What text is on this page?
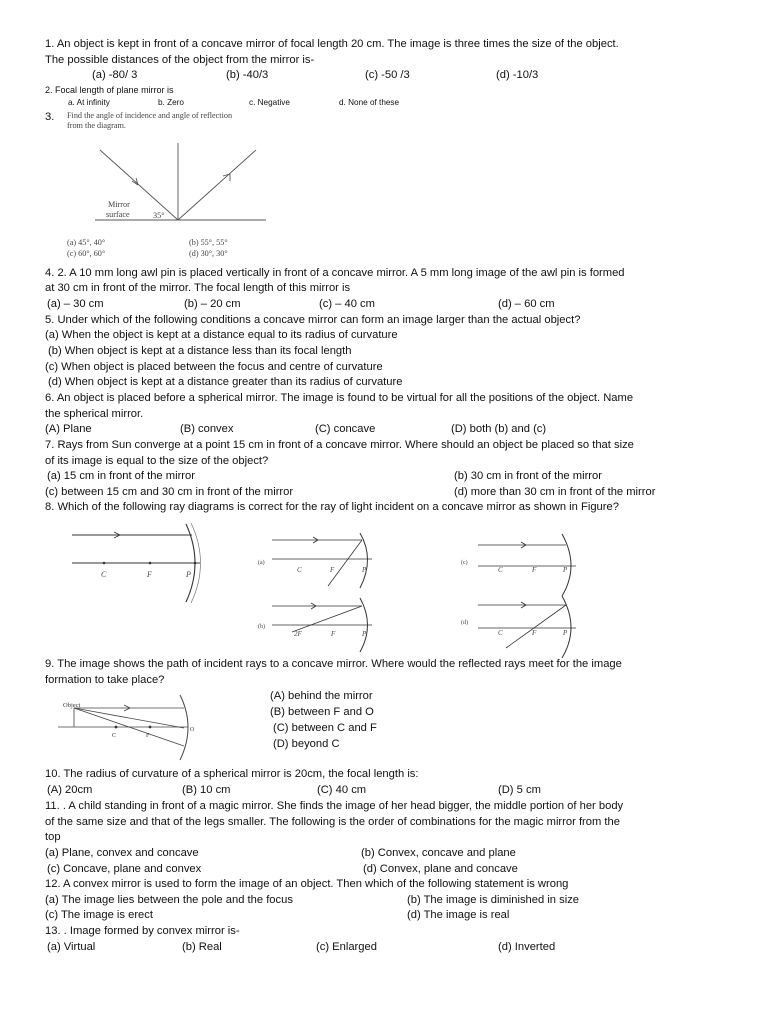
1. An object is kept in front of a concave mirror of focal length 20 cm. The image is three times the size of the object.
The possible distances of the object from the mirror is-
(a) -80/ 3	(b) -40/3	(c) -50 /3	(d) -10/3
2. Focal length of plane mirror is
a. At infinity	b. Zero	c. Negative	d. None of these
3. Find the angle of incidence and angle of reflection
from the diagram.
Mirror
surface	35°
(a) 45°, 40°	(b) 55°, 55°
(c) 60°, 60°	(d) 30°, 30°
4. 2. A 10 mm long awl pin is placed vertically in front of a concave mirror. A 5 mm long image of the awl pin is formed
at 30 cm in front of the mirror. The focal length of this mirror is
(a) – 30 cm	(b) – 20 cm	(c) – 40 cm	(d) – 60 cm
5. Under which of the following conditions a concave mirror can form an image larger than the actual object?
(a) When the object is kept at a distance equal to its radius of curvature
(b) When object is kept at a distance less than its focal length
(c) When object is placed between the focus and centre of curvature
(d) When object is kept at a distance greater than its radius of curvature
6. An object is placed before a spherical mirror. The image is found to be virtual for all the positions of the object. Name
the spherical mirror.
(A) Plane	(B) convex	(C) concave	(D) both (b) and (c)
7. Rays from Sun converge at a point 15 cm in front of a concave mirror. Where should an object be placed so that size
of its image is equal to the size of the object?
(a) 15 cm in front of the mirror	(b) 30 cm in front of the mirror
(c) between 15 cm and 30 cm in front of the mirror	(d) more than 30 cm in front of the mirror
8. Which of the following ray diagrams is correct for the ray of light incident on a concave mirror as shown in Figure?
C	F	P
(a)
C	F	P
(c)
C	F	P
(b)
2F	F	P
(d)
C	F	P
9. The image shows the path of incident rays to a concave mirror. Where would the reflected rays meet for the image
formation to take place?
Object
C	F
O
(A) behind the mirror
(B) between F and O
(C) between C and F
(D) beyond C
10. The radius of curvature of a spherical mirror is 20cm, the focal length is:
(A) 20cm	(B) 10 cm	(C) 40 cm	(D) 5 cm
11. . A child standing in front of a magic mirror. She finds the image of her head bigger, the middle portion of her body
of the same size and that of the legs smaller. The following is the order of combinations for the magic mirror from the
top
(a) Plane, convex and concave	(b) Convex, concave and plane
(c) Concave, plane and convex	(d) Convex, plane and concave
12. A convex mirror is used to form the image of an object. Then which of the following statement is wrong
(a) The image lies between the pole and the focus	(b) The image is diminished in size
(c) The image is erect	(d) The image is real
13. . Image formed by convex mirror is-
(a) Virtual	(b) Real	(c) Enlarged	(d) Inverted
